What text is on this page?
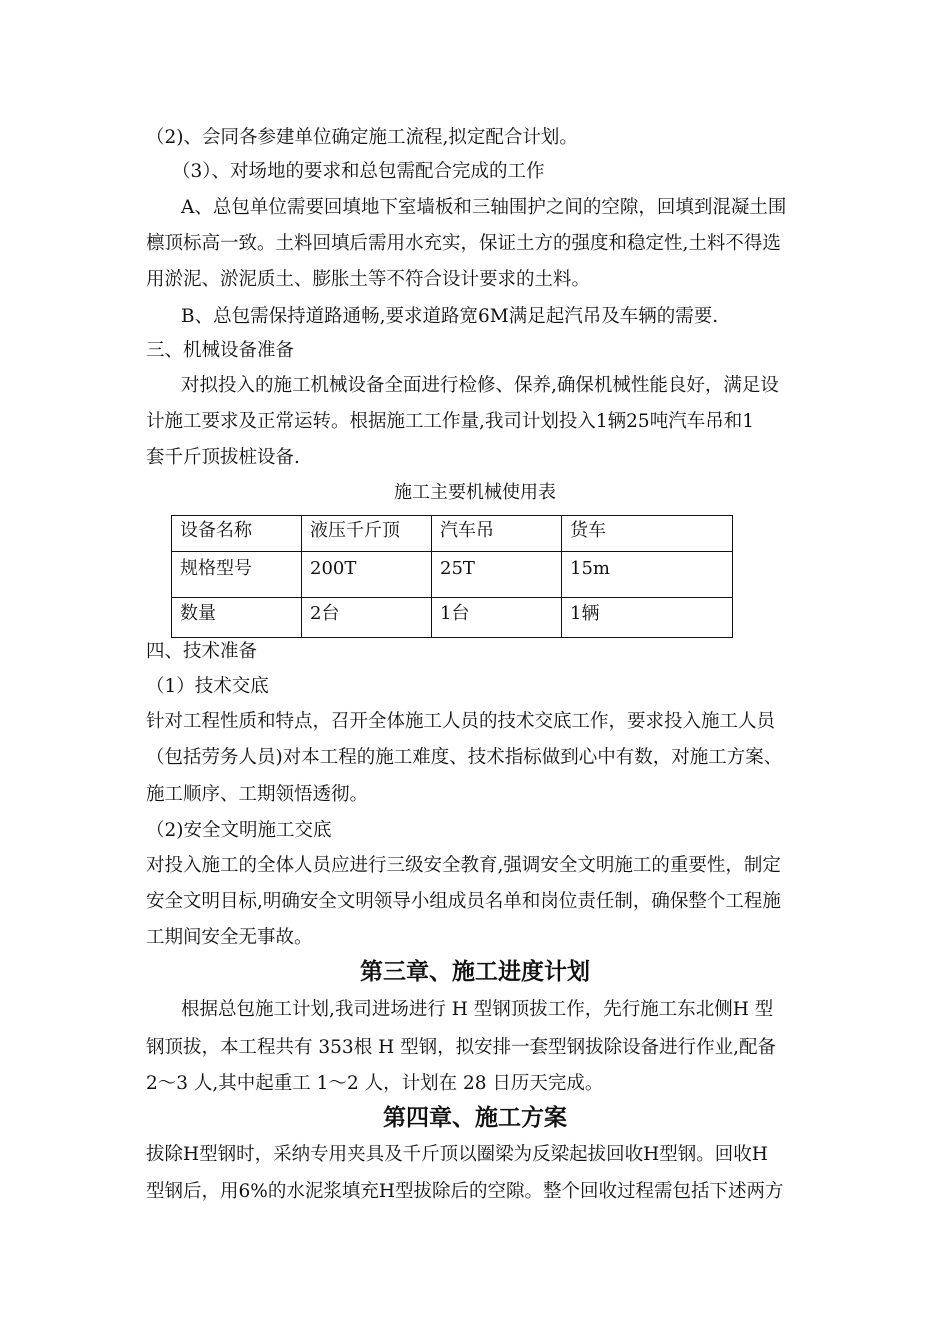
（2)、会同各参建单位确定施工流程,拟定配合计划。
（3）、对场地的要求和总包需配合完成的工作
A、总包单位需要回填地下室墙板和三轴围护之间的空隙，回填到混凝土围
檩顶标高一致。土料回填后需用水充实，保证土方的强度和稳定性,土料不得选
用淤泥、淤泥质土、膨胀土等不符合设计要求的土料。
B、总包需保持道路通畅,要求道路宽6M满足起汽吊及车辆的需要.
三、机械设备准备
对拟投入的施工机械设备全面进行检修、保养,确保机械性能良好，满足设
计施工要求及正常运转。根据施工工作量,我司计划投入1辆25吨汽车吊和1
套千斤顶拔桩设备.
施工主要机械使用表
设备名称	液压千斤顶	汽车吊	货车
规格型号	200T	25T	15m
数量	2台	1台	1辆
四、技术准备
（1）技术交底
针对工程性质和特点，召开全体施工人员的技术交底工作，要求投入施工人员
（包括劳务人员)对本工程的施工难度、技术指标做到心中有数，对施工方案、
施工顺序、工期领悟透彻。
（2)安全文明施工交底
对投入施工的全体人员应进行三级安全教育,强调安全文明施工的重要性，制定
安全文明目标,明确安全文明领导小组成员名单和岗位责任制，确保整个工程施
工期间安全无事故。
第三章、施工进度计划
根据总包施工计划,我司进场进行 H 型钢顶拔工作，先行施工东北侧H 型
钢顶拔，本工程共有 353根 H 型钢，拟安排一套型钢拔除设备进行作业,配备
2～3 人,其中起重工 1～2 人，计划在 28 日历天完成。
第四章、施工方案
拔除H型钢时，采纳专用夹具及千斤顶以圈梁为反梁起拔回收H型钢。回收H
型钢后，用6%的水泥浆填充H型拔除后的空隙。整个回收过程需包括下述两方
